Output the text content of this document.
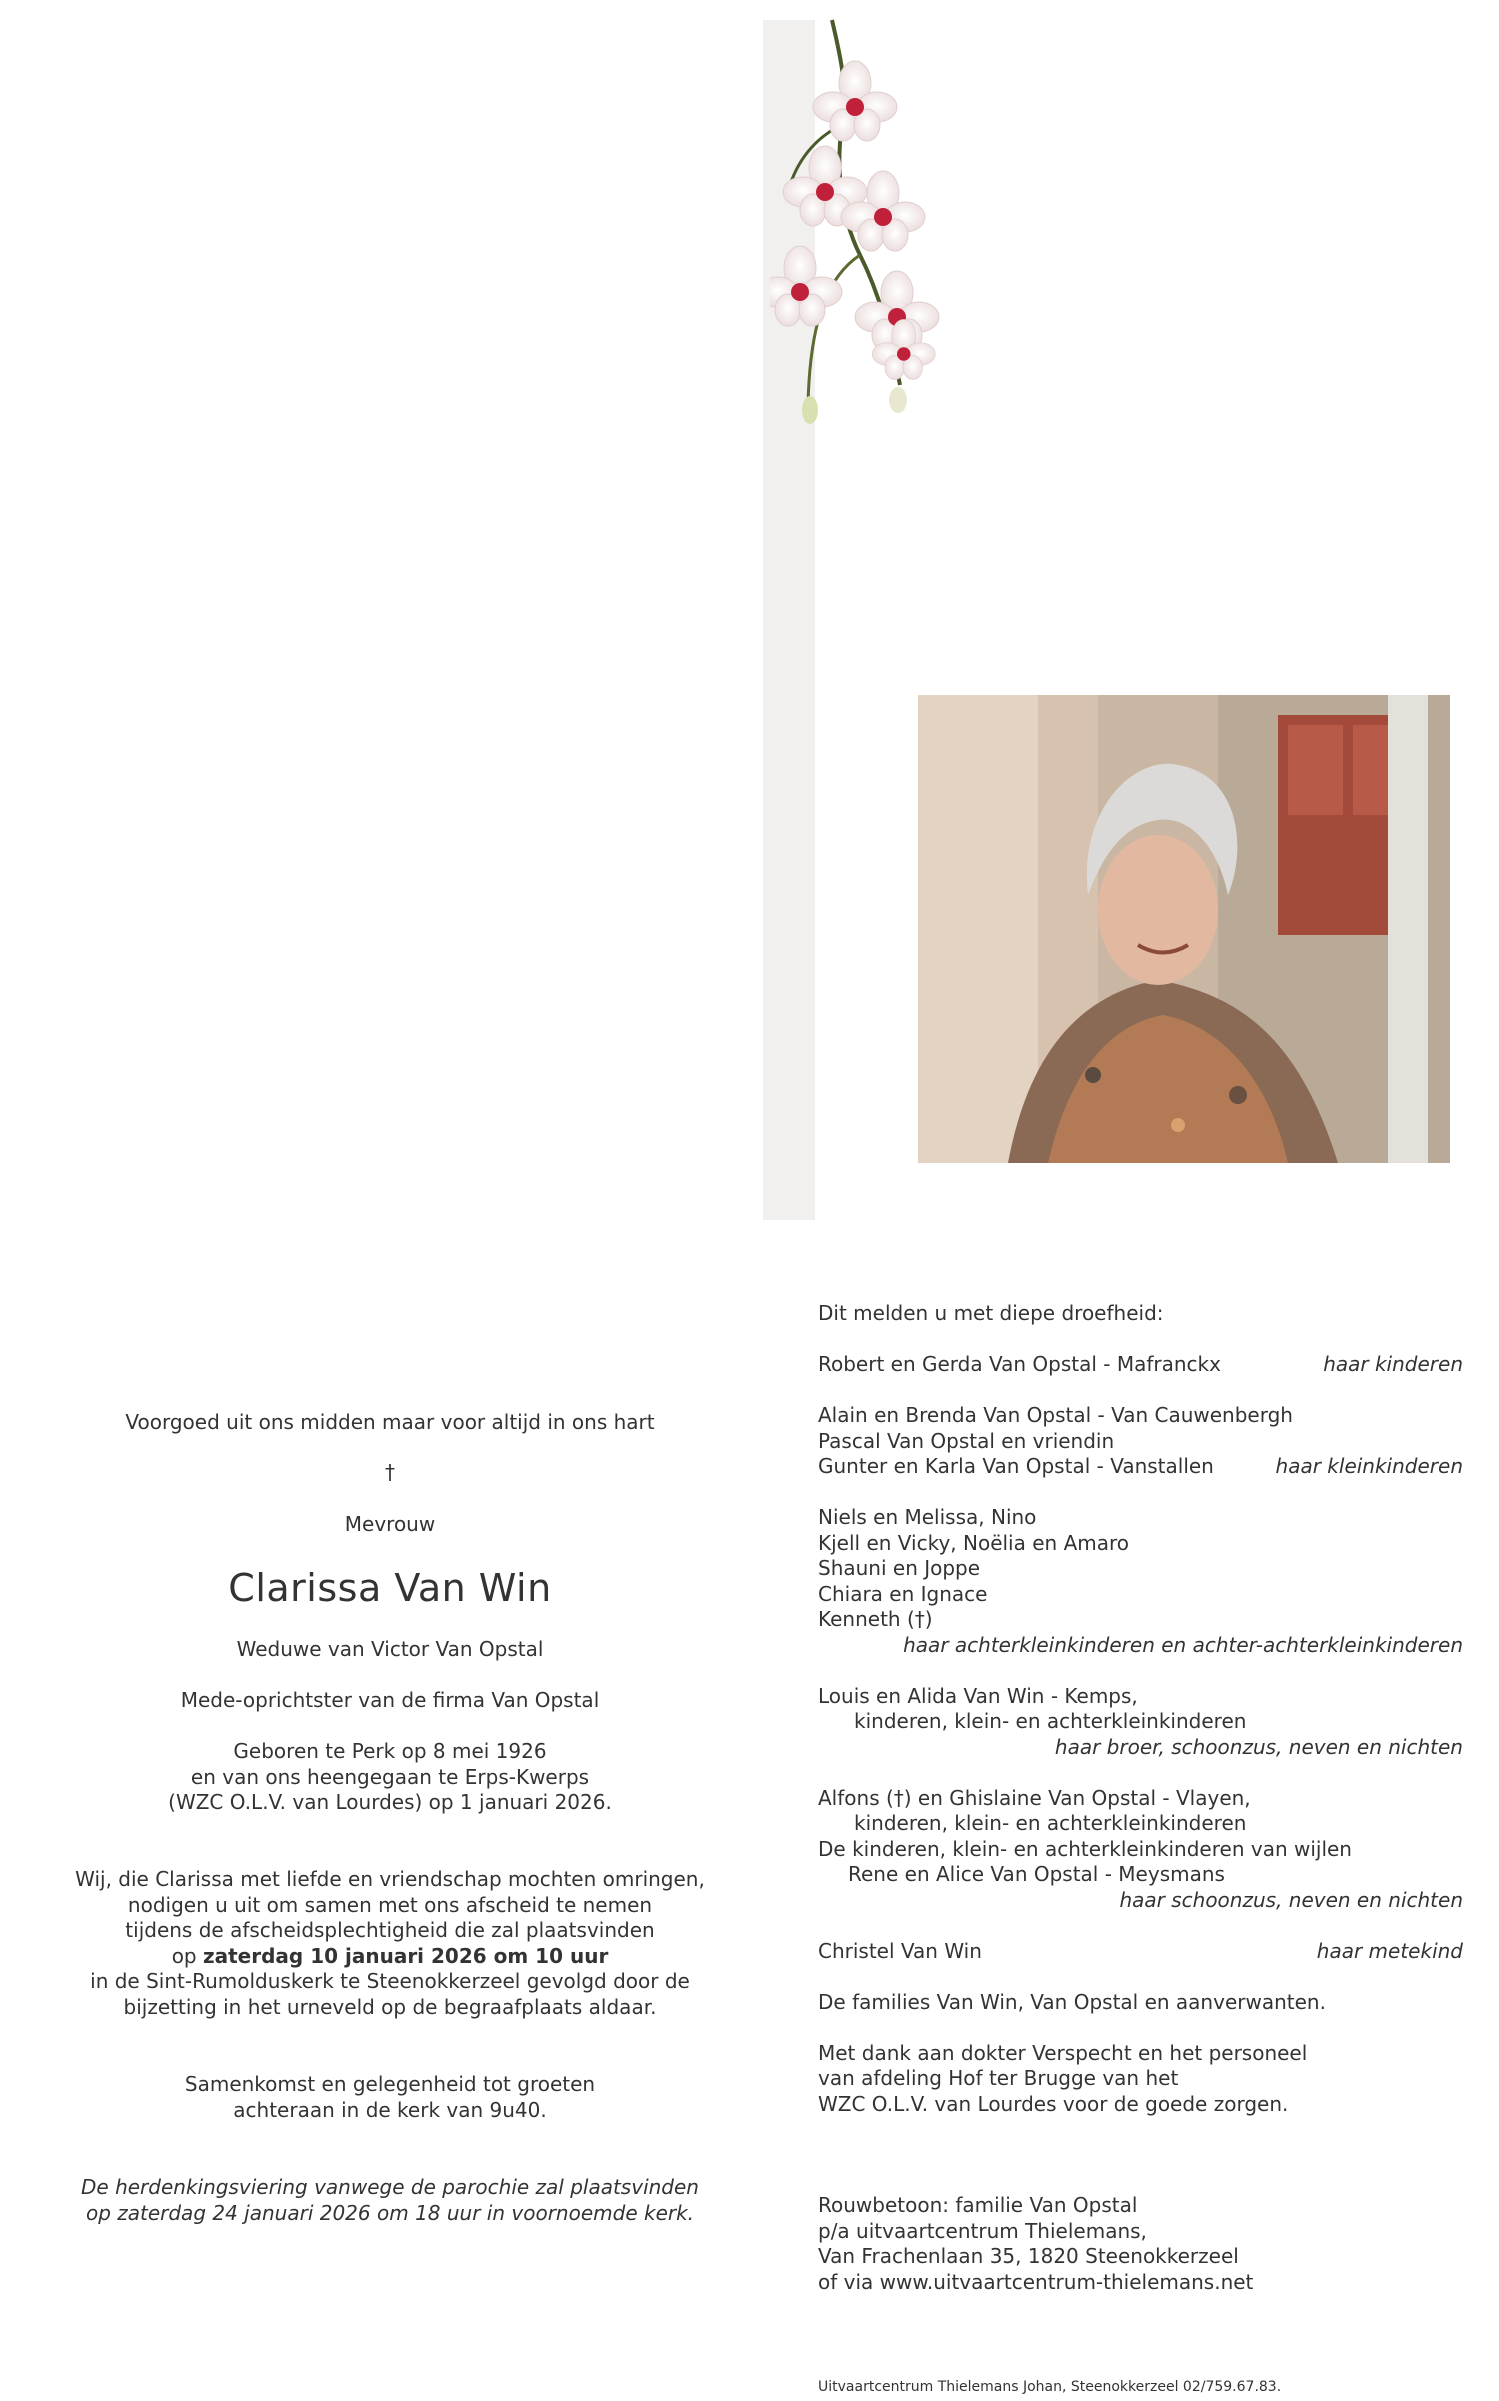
Voorgoed uit ons midden maar voor altijd in ons hart
†
Mevrouw
Clarissa Van Win
Weduwe van Victor Van Opstal
Mede-oprichtster van de firma Van Opstal
Geboren te Perk op 8 mei 1926
en van ons heengegaan te Erps-Kwerps
(WZC O.L.V. van Lourdes) op 1 januari 2026.
Wij, die Clarissa met liefde en vriendschap mochten omringen,
nodigen u uit om samen met ons afscheid te nemen
tijdens de afscheidsplechtigheid die zal plaatsvinden
op zaterdag 10 januari 2026 om 10 uur
in de Sint-Rumolduskerk te Steenokkerzeel gevolgd door de
bijzetting in het urneveld op de begraafplaats aldaar.
Samenkomst en gelegenheid tot groeten
achteraan in de kerk van 9u40.
De herdenkingsviering vanwege de parochie zal plaatsvinden
op zaterdag 24 januari 2026 om 18 uur in voornoemde kerk.
Dit melden u met diepe droefheid:
Robert en Gerda Van Opstal - Mafranckx	haar kinderen
Alain en Brenda Van Opstal - Van Cauwenbergh
Pascal Van Opstal en vriendin
Gunter en Karla Van Opstal - Vanstallen	haar kleinkinderen
Niels en Melissa, Nino
Kjell en Vicky, Noëlia en Amaro
Shauni en Joppe
Chiara en Ignace
Kenneth (†)
haar achterkleinkinderen en achter-achterkleinkinderen
Louis en Alida Van Win - Kemps,
kinderen, klein- en achterkleinkinderen
haar broer, schoonzus, neven en nichten
Alfons (†) en Ghislaine Van Opstal - Vlayen,
kinderen, klein- en achterkleinkinderen
De kinderen, klein- en achterkleinkinderen van wijlen
Rene en Alice Van Opstal - Meysmans
haar schoonzus, neven en nichten
Christel Van Win	haar metekind
De families Van Win, Van Opstal en aanverwanten.
Met dank aan dokter Verspecht en het personeel
van afdeling Hof ter Brugge van het
WZC O.L.V. van Lourdes voor de goede zorgen.
Rouwbetoon: familie Van Opstal
p/a uitvaartcentrum Thielemans,
Van Frachenlaan 35, 1820 Steenokkerzeel
of via www.uitvaartcentrum-thielemans.net
Uitvaartcentrum Thielemans Johan, Steenokkerzeel 02/759.67.83.
